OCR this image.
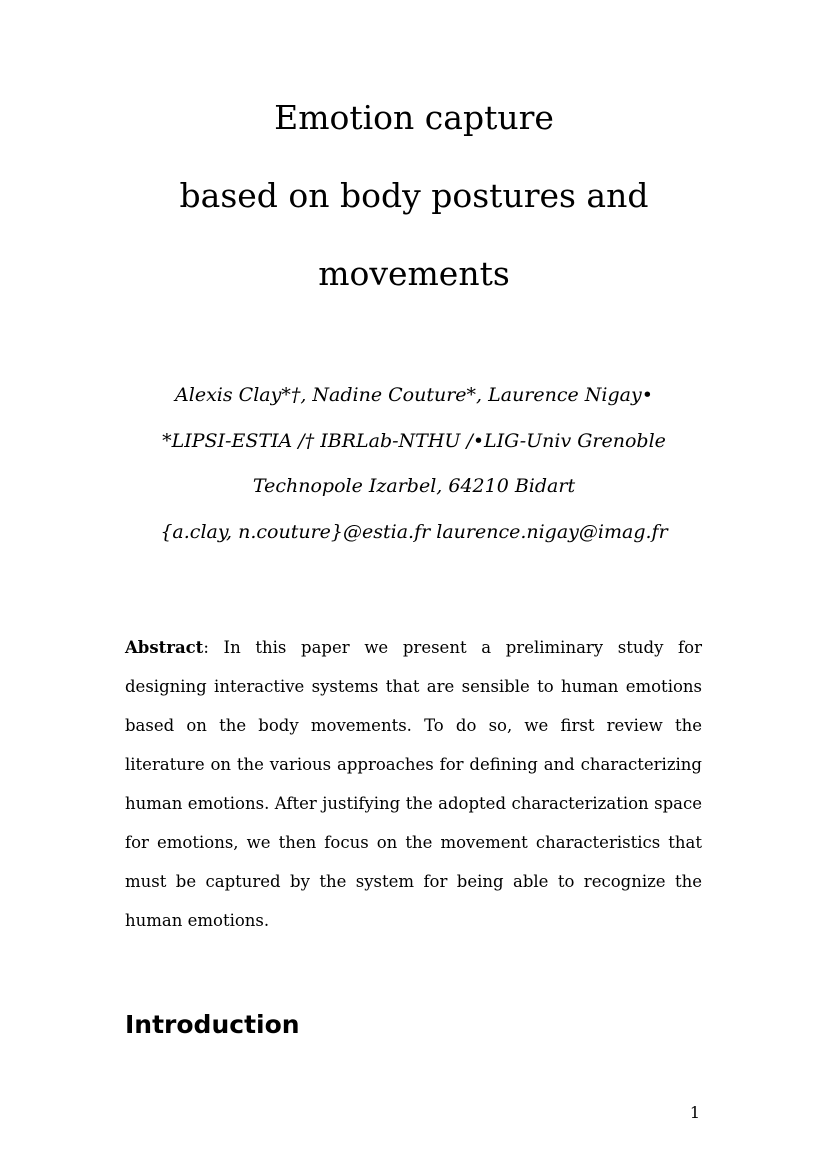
Emotion capture
based on body postures and
movements
Alexis Clay*†, Nadine Couture*, Laurence Nigay•
*LIPSI-ESTIA /† IBRLab-NTHU /•LIG-Univ Grenoble
Technopole Izarbel, 64210 Bidart
{a.clay, n.couture}@estia.fr laurence.nigay@imag.fr
Abstract: In this paper we present a preliminary study for designing interactive systems that are sensible to human emotions based on the body movements. To do so, we first review the literature on the various approaches for defining and characterizing human emotions. After justifying the adopted characterization space for emotions, we then focus on the movement characteristics that must be captured by the system for being able to recognize the human emotions.
Introduction
1
